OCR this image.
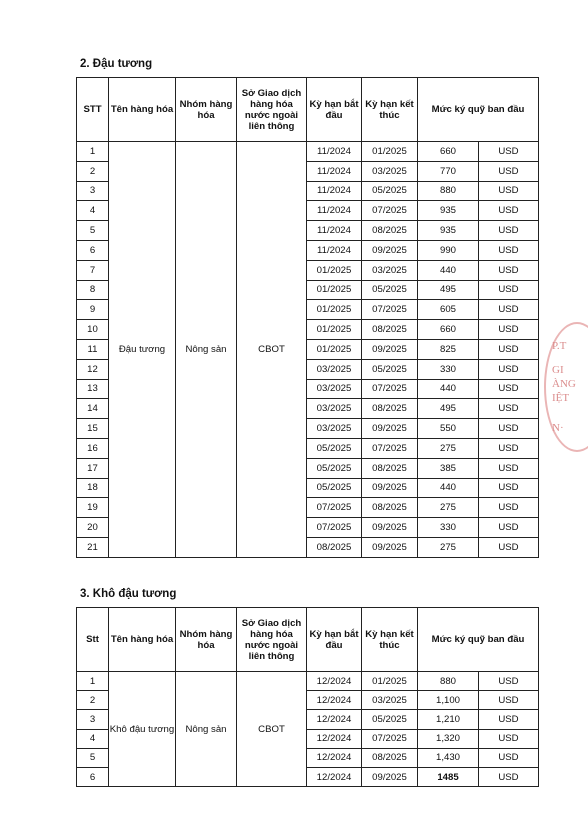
2. Đậu tương
STT	Tên hàng hóa	Nhóm hàng hóa	Sở Giao dịch hàng hóa nước ngoài liên thông	Kỳ hạn bắt đầu	Kỳ hạn kết thúc	Mức ký quỹ ban đầu	
1	Đậu tương	Nông sản	CBOT	11/2024	01/2025	660	USD
2				11/2024	03/2025	770	USD
3				11/2024	05/2025	880	USD
4				11/2024	07/2025	935	USD
5				11/2024	08/2025	935	USD
6				11/2024	09/2025	990	USD
7				01/2025	03/2025	440	USD
8				01/2025	05/2025	495	USD
9				01/2025	07/2025	605	USD
10				01/2025	08/2025	660	USD
11				01/2025	09/2025	825	USD
12				03/2025	05/2025	330	USD
13				03/2025	07/2025	440	USD
14				03/2025	08/2025	495	USD
15				03/2025	09/2025	550	USD
16				05/2025	07/2025	275	USD
17				05/2025	08/2025	385	USD
18				05/2025	09/2025	440	USD
19				07/2025	08/2025	275	USD
20				07/2025	09/2025	330	USD
21				08/2025	09/2025	275	USD
3. Khô đậu tương
Stt	Tên hàng hóa	Nhóm hàng hóa	Sở Giao dịch hàng hóa nước ngoài liên thông	Kỳ hạn bắt đầu	Kỳ hạn kết thúc	Mức ký quỹ ban đầu	
1	Khô đậu tương	Nông sản	CBOT	12/2024	01/2025	880	USD
2				12/2024	03/2025	1,100	USD
3				12/2024	05/2025	1,210	USD
4				12/2024	07/2025	1,320	USD
5				12/2024	08/2025	1,430	USD
6				12/2024	09/2025	1485	USD
P.T
GI
ÀNG
IỆT
N·
